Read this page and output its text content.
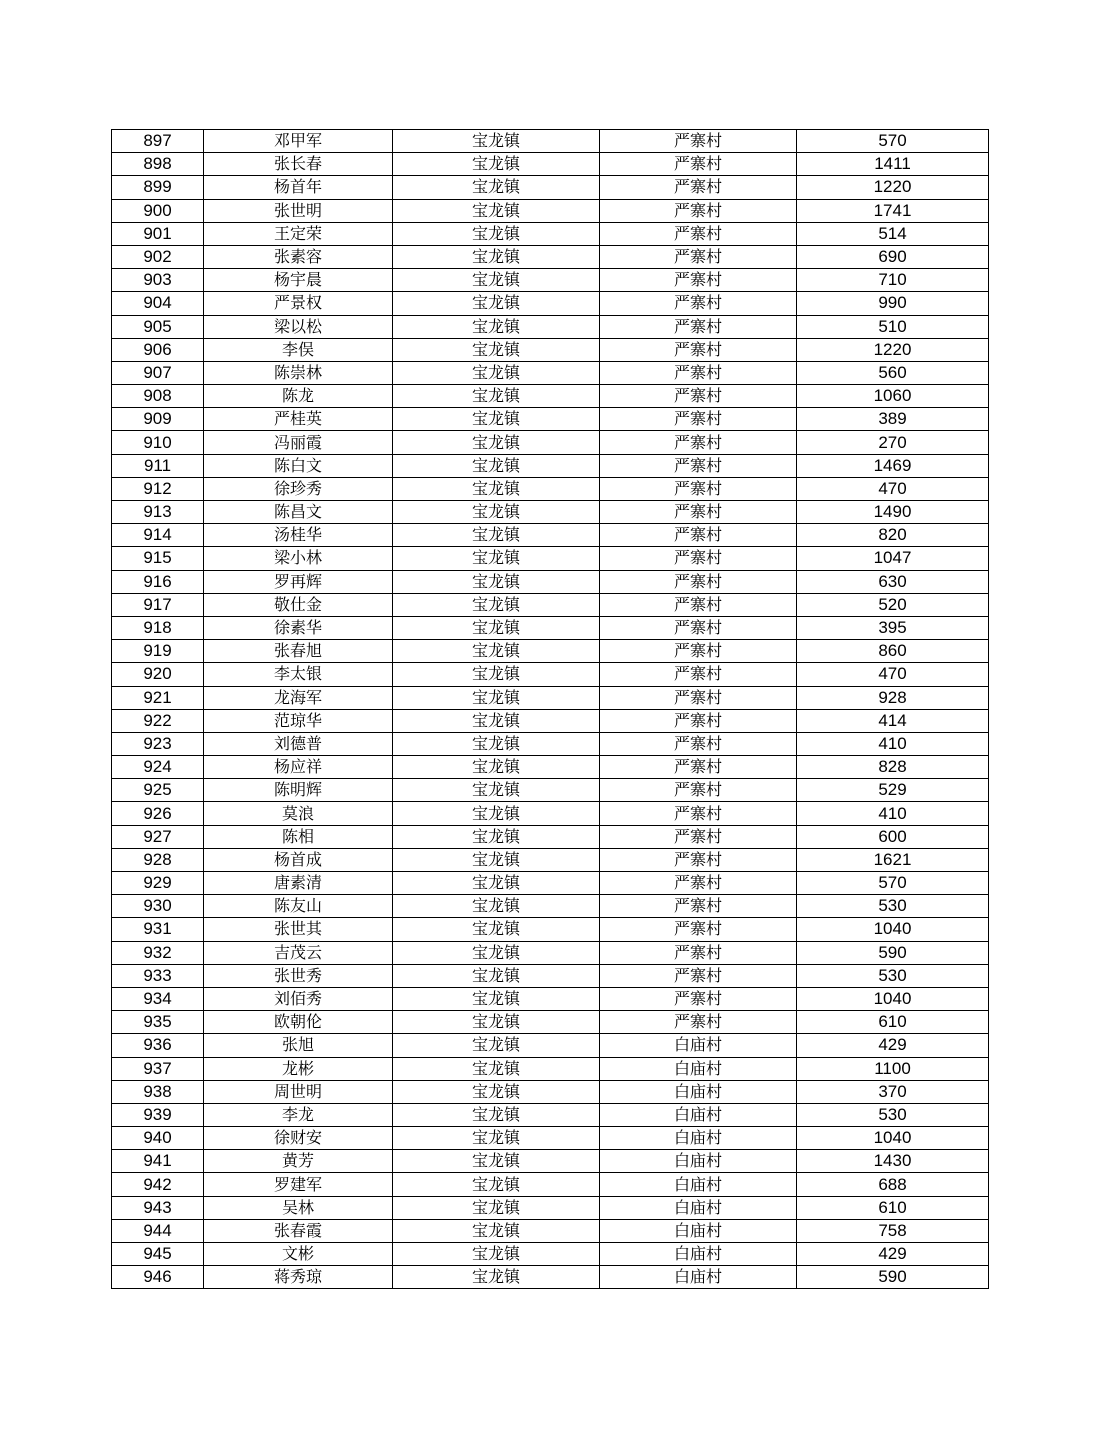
897	邓甲军	宝龙镇	严寨村	570
898	张长春	宝龙镇	严寨村	1411
899	杨首年	宝龙镇	严寨村	1220
900	张世明	宝龙镇	严寨村	1741
901	王定荣	宝龙镇	严寨村	514
902	张素容	宝龙镇	严寨村	690
903	杨宇晨	宝龙镇	严寨村	710
904	严景权	宝龙镇	严寨村	990
905	梁以松	宝龙镇	严寨村	510
906	李俣	宝龙镇	严寨村	1220
907	陈崇林	宝龙镇	严寨村	560
908	陈龙	宝龙镇	严寨村	1060
909	严桂英	宝龙镇	严寨村	389
910	冯丽霞	宝龙镇	严寨村	270
911	陈白文	宝龙镇	严寨村	1469
912	徐珍秀	宝龙镇	严寨村	470
913	陈昌文	宝龙镇	严寨村	1490
914	汤桂华	宝龙镇	严寨村	820
915	梁小林	宝龙镇	严寨村	1047
916	罗再辉	宝龙镇	严寨村	630
917	敬仕金	宝龙镇	严寨村	520
918	徐素华	宝龙镇	严寨村	395
919	张春旭	宝龙镇	严寨村	860
920	李太银	宝龙镇	严寨村	470
921	龙海军	宝龙镇	严寨村	928
922	范琼华	宝龙镇	严寨村	414
923	刘德普	宝龙镇	严寨村	410
924	杨应祥	宝龙镇	严寨村	828
925	陈明辉	宝龙镇	严寨村	529
926	莫浪	宝龙镇	严寨村	410
927	陈相	宝龙镇	严寨村	600
928	杨首成	宝龙镇	严寨村	1621
929	唐素清	宝龙镇	严寨村	570
930	陈友山	宝龙镇	严寨村	530
931	张世其	宝龙镇	严寨村	1040
932	吉茂云	宝龙镇	严寨村	590
933	张世秀	宝龙镇	严寨村	530
934	刘佰秀	宝龙镇	严寨村	1040
935	欧朝伦	宝龙镇	严寨村	610
936	张旭	宝龙镇	白庙村	429
937	龙彬	宝龙镇	白庙村	1100
938	周世明	宝龙镇	白庙村	370
939	李龙	宝龙镇	白庙村	530
940	徐财安	宝龙镇	白庙村	1040
941	黄芳	宝龙镇	白庙村	1430
942	罗建军	宝龙镇	白庙村	688
943	吴林	宝龙镇	白庙村	610
944	张春霞	宝龙镇	白庙村	758
945	文彬	宝龙镇	白庙村	429
946	蒋秀琼	宝龙镇	白庙村	590
